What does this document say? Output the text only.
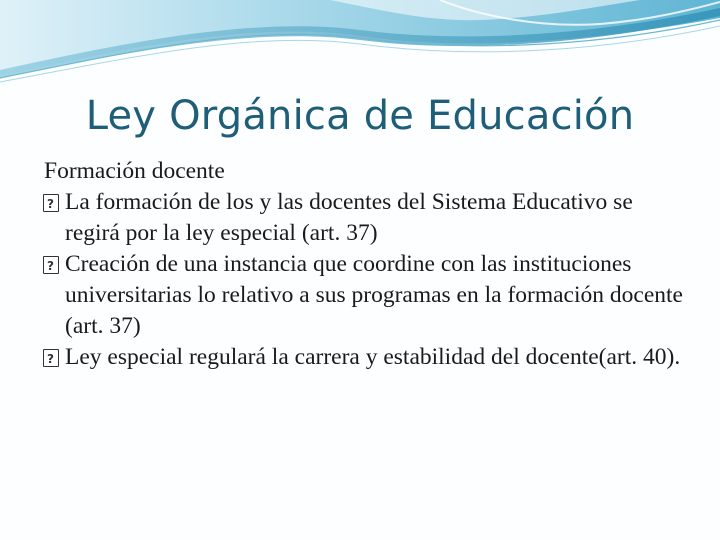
Ley Orgánica de Educación

Formación docente

?
La formación de los y las docentes del Sistema Educativo se regirá por la ley especial (art. 37)
?
Creación de una instancia que coordine con las instituciones universitarias lo relativo a sus programas en la formación docente (art. 37)
?
Ley especial regulará la carrera y estabilidad del docente(art. 40).
